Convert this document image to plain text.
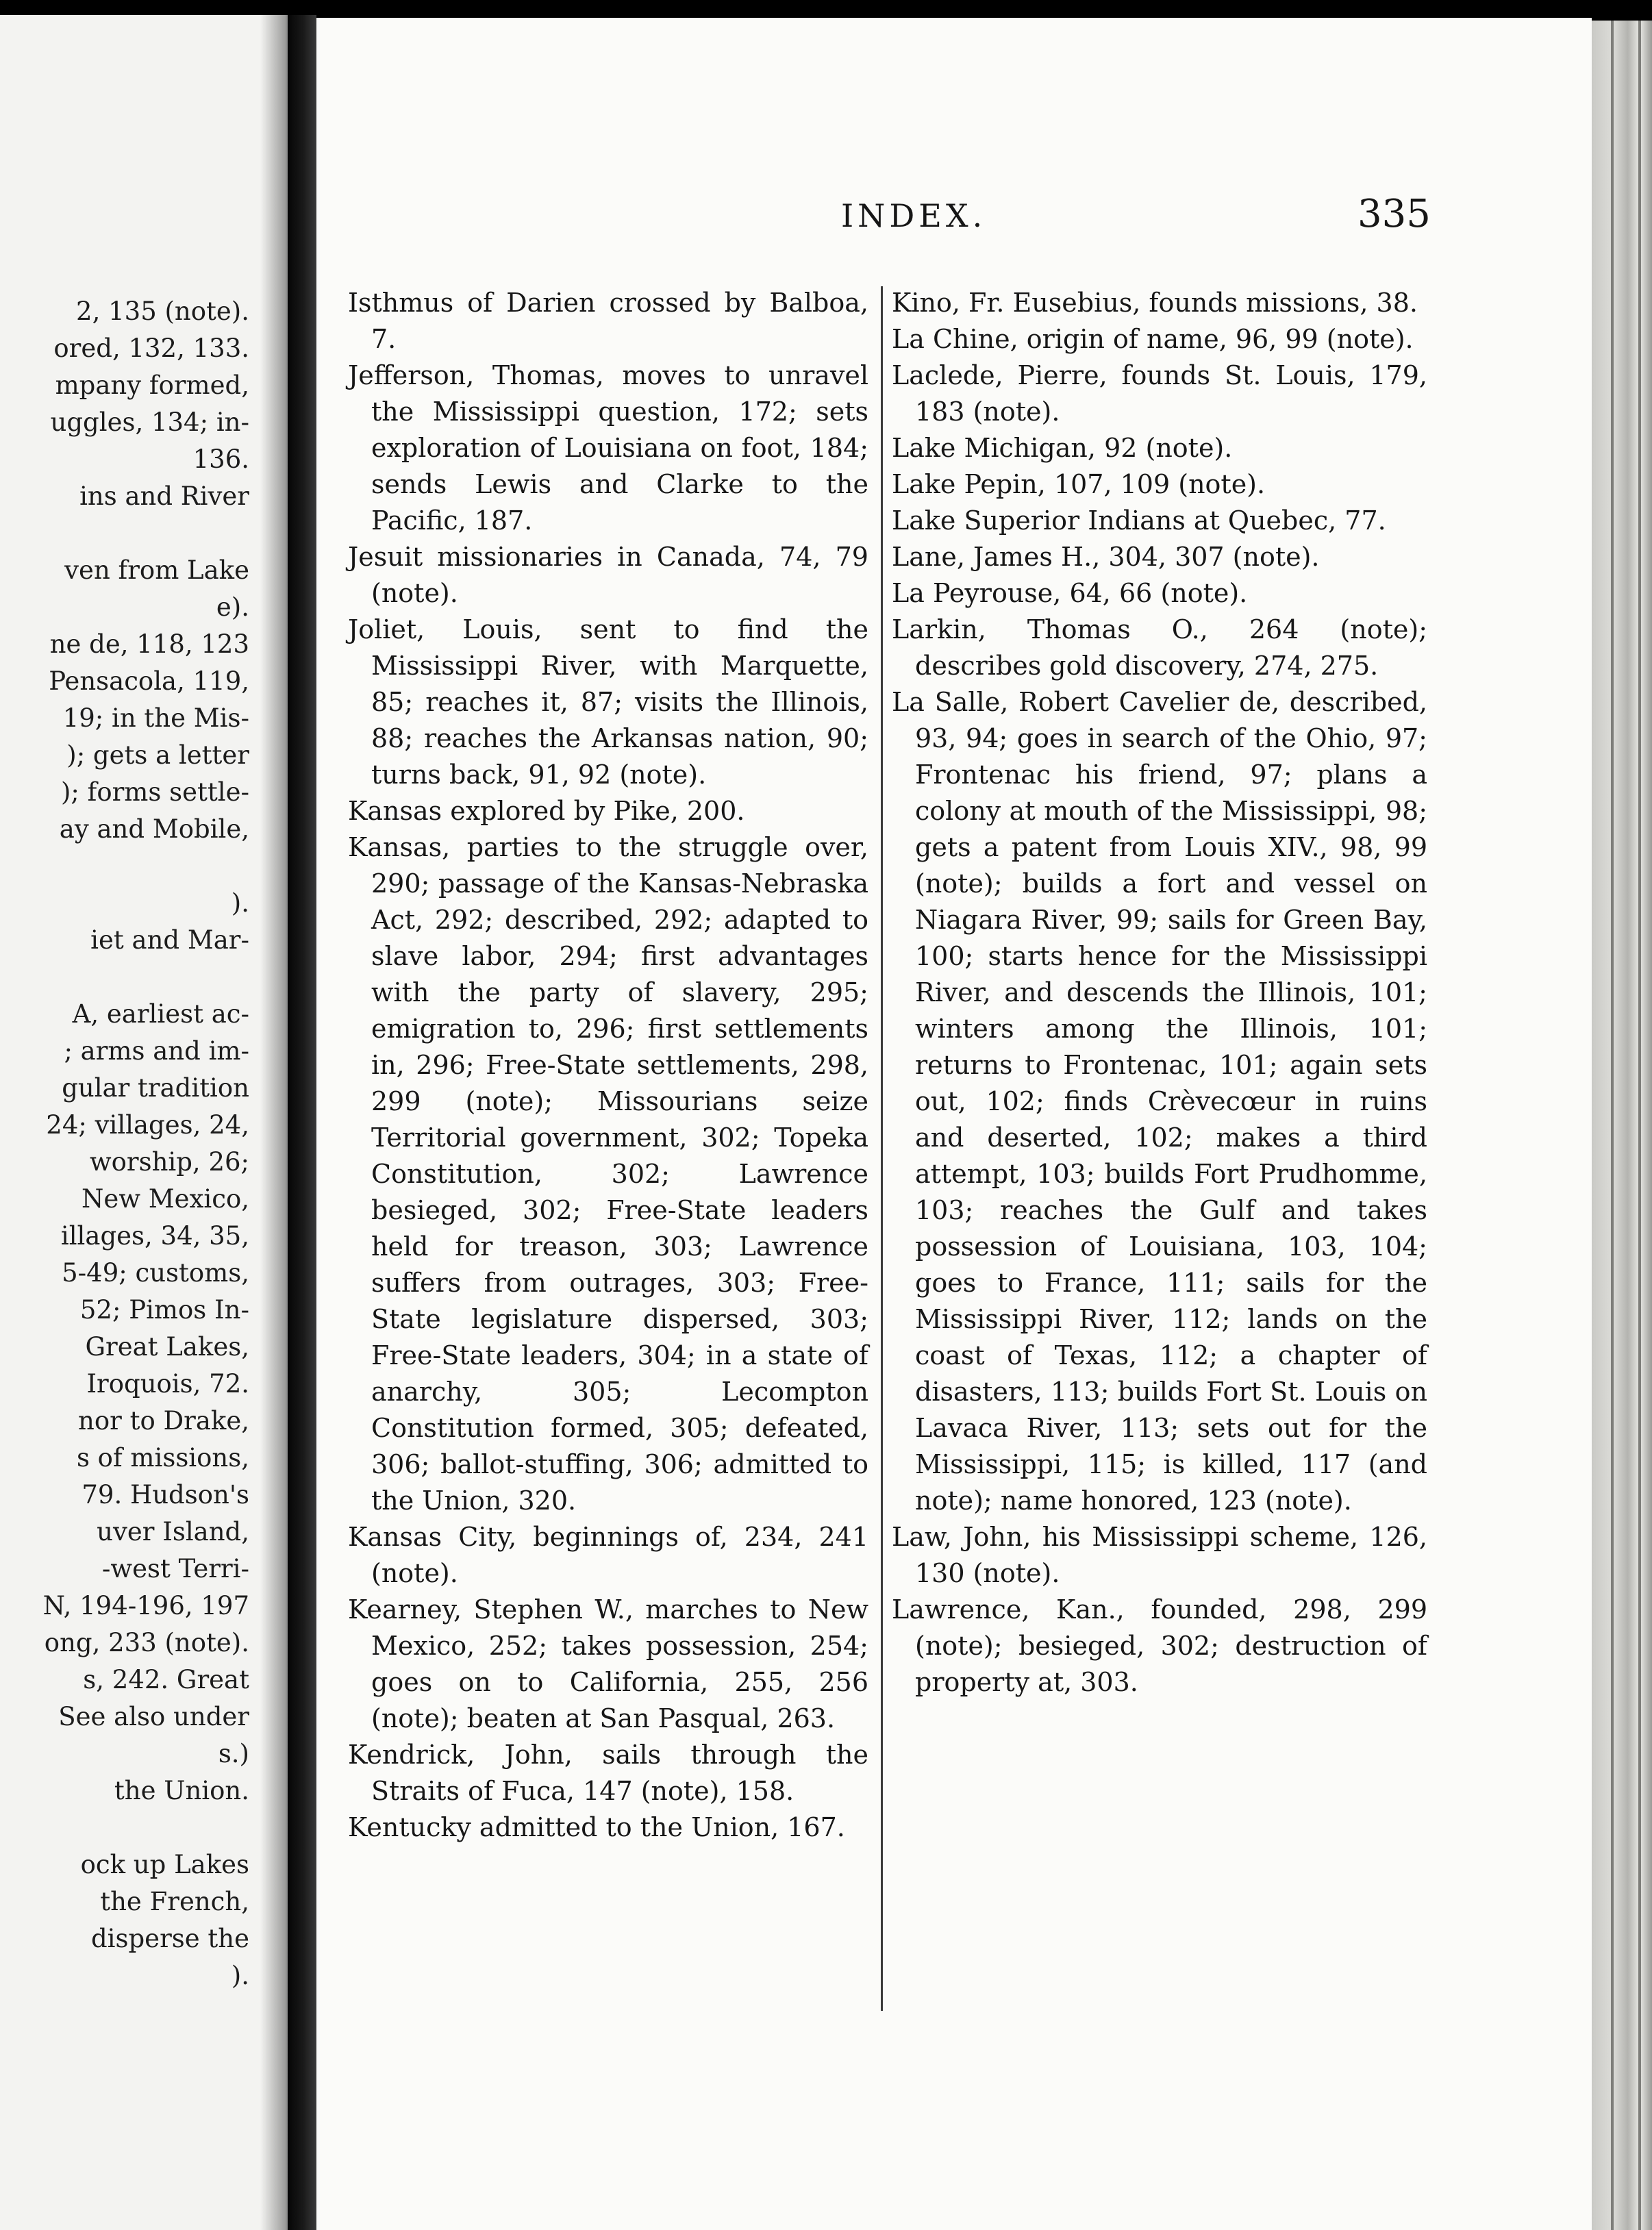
2, 135 (note).
ored, 132, 133.
mpany formed,
uggles, 134; in-
136.
ins and River
ven from Lake
e).
ne de, 118, 123
Pensacola, 119,
19; in the Mis-
); gets a letter
); forms settle-
ay and Mobile,
).
iet and Mar-
A, earliest ac-
; arms and im-
gular tradition
24; villages, 24,
worship, 26;
New Mexico,
illages, 34, 35,
5-49; customs,
52; Pimos In-
Great Lakes,
Iroquois, 72.
nor to Drake,
s of missions,
79. Hudson's
uver Island,
-west Terri-
N, 194-196, 197
ong, 233 (note).
s, 242. Great
See also under
s.)
the Union.
ock up Lakes
the French,
disperse the
).
INDEX.	335

Isthmus of Darien crossed by Balboa, 7.

Jefferson, Thomas, moves to unravel the Mississippi question, 172; sets exploration of Louisiana on foot, 184; sends Lewis and Clarke to the Pacific, 187.

Jesuit missionaries in Canada, 74, 79 (note).

Joliet, Louis, sent to find the Mississippi River, with Marquette, 85; reaches it, 87; visits the Illinois, 88; reaches the Arkansas nation, 90; turns back, 91, 92 (note).

Kansas explored by Pike, 200.

Kansas, parties to the struggle over, 290; passage of the Kansas-Nebraska Act, 292; described, 292; adapted to slave labor, 294; first advantages with the party of slavery, 295; emigration to, 296; first settlements in, 296; Free-State settlements, 298, 299 (note); Missourians seize Territorial government, 302; Topeka Constitution, 302; Lawrence besieged, 302; Free-State leaders held for treason, 303; Lawrence suffers from outrages, 303; Free-State legislature dispersed, 303; Free-State leaders, 304; in a state of anarchy, 305; Lecompton Constitution formed, 305; defeated, 306; ballot-stuffing, 306; admitted to the Union, 320.

Kansas City, beginnings of, 234, 241 (note).

Kearney, Stephen W., marches to New Mexico, 252; takes possession, 254; goes on to California, 255, 256 (note); beaten at San Pasqual, 263.

Kendrick, John, sails through the Straits of Fuca, 147 (note), 158.

Kentucky admitted to the Union, 167.

Kino, Fr. Eusebius, founds missions, 38.

La Chine, origin of name, 96, 99 (note).

Laclede, Pierre, founds St. Louis, 179, 183 (note).

Lake Michigan, 92 (note).

Lake Pepin, 107, 109 (note).

Lake Superior Indians at Quebec, 77.

Lane, James H., 304, 307 (note).

La Peyrouse, 64, 66 (note).

Larkin, Thomas O., 264 (note); describes gold discovery, 274, 275.

La Salle, Robert Cavelier de, described, 93, 94; goes in search of the Ohio, 97; Frontenac his friend, 97; plans a colony at mouth of the Mississippi, 98; gets a patent from Louis XIV., 98, 99 (note); builds a fort and vessel on Niagara River, 99; sails for Green Bay, 100; starts hence for the Mississippi River, and descends the Illinois, 101; winters among the Illinois, 101; returns to Frontenac, 101; again sets out, 102; finds Crèvecœur in ruins and deserted, 102; makes a third attempt, 103; builds Fort Prudhomme, 103; reaches the Gulf and takes possession of Louisiana, 103, 104; goes to France, 111; sails for the Mississippi River, 112; lands on the coast of Texas, 112; a chapter of disasters, 113; builds Fort St. Louis on Lavaca River, 113; sets out for the Mississippi, 115; is killed, 117 (and note); name honored, 123 (note).

Law, John, his Mississippi scheme, 126, 130 (note).

Lawrence, Kan., founded, 298, 299 (note); besieged, 302; destruction of property at, 303.
